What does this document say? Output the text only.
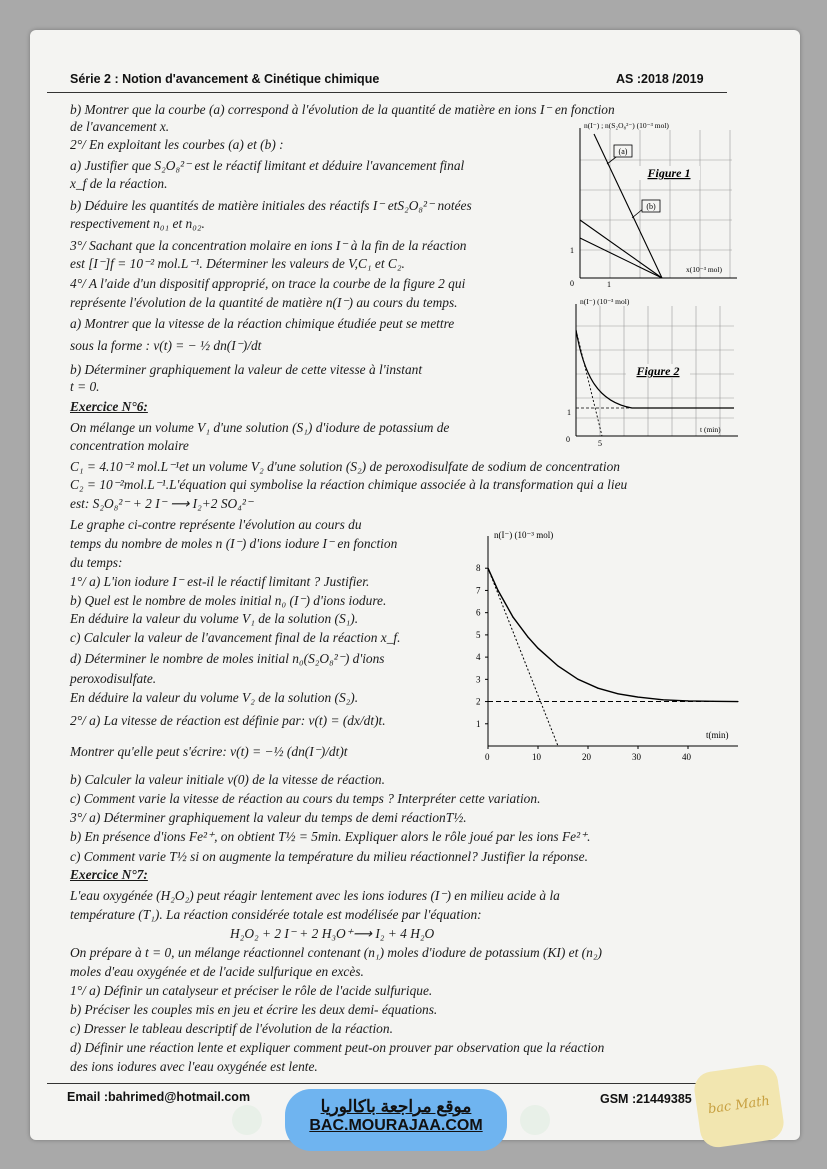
Série 2 : Notion d'avancement & Cinétique chimique	AS :2018 /2019
b) Montrer que la courbe (a) correspond à l'évolution de la quantité de matière en ions I⁻ en fonction
de l'avancement x.
2°/ En exploitant les courbes (a) et (b) :
a) Justifier que S₂O₈²⁻ est le réactif limitant et déduire l'avancement final
x_f de la réaction.
b) Déduire les quantités de matière initiales des réactifs I⁻ etS₂O₈²⁻ notées
respectivement n₀₁ et n₀₂.
3°/ Sachant que la concentration molaire en ions I⁻ à la fin de la réaction
est [I⁻]f = 10⁻² mol.L⁻¹. Déterminer les valeurs de V,C₁ et C₂.
4°/ A l'aide d'un dispositif approprié, on trace la courbe de la figure 2 qui
représente l'évolution de la quantité de matière n(I⁻) au cours du temps.
a) Montrer que la vitesse de la réaction chimique étudiée peut se mettre
sous la forme : v(t) = − ½ dn(I⁻)/dt
b) Déterminer graphiquement la valeur de cette vitesse à l'instant
t = 0.
Exercice N°6:
On mélange un volume V₁ d'une solution (S₁) d'iodure de potassium de
concentration molaire
C₁ = 4.10⁻² mol.L⁻¹et un volume V₂ d'une solution (S₂) de peroxodisulfate de sodium de concentration
C₂ = 10⁻²mol.L⁻¹.L'équation qui symbolise la réaction chimique associée à la transformation qui a lieu
est: S₂O₈²⁻ + 2 I⁻ ⟶ I₂+2 SO₄²⁻
Le graphe ci-contre représente l'évolution au cours du
temps du nombre de moles n (I⁻) d'ions iodure I⁻ en fonction
du temps:
1°/ a) L'ion iodure I⁻ est-il le réactif limitant ? Justifier.
b) Quel est le nombre de moles initial n₀ (I⁻) d'ions iodure.
En déduire la valeur du volume V₁ de la solution (S₁).
c) Calculer la valeur de l'avancement final de la réaction x_f.
d) Déterminer le nombre de moles initial n₀(S₂O₈²⁻) d'ions
peroxodisulfate.
En déduire la valeur du volume V₂ de la solution (S₂).
2°/ a) La vitesse de réaction est définie par: v(t) = (dx/dt)t.
Montrer qu'elle peut s'écrire: v(t) = −½ (dn(I⁻)/dt)t
b) Calculer la valeur initiale v(0) de la vitesse de réaction.
c) Comment varie la vitesse de réaction au cours du temps ? Interpréter cette variation.
3°/ a) Déterminer graphiquement la valeur du temps de demi réactionT½.
b) En présence d'ions Fe²⁺, on obtient T½ = 5min. Expliquer alors le rôle joué par les ions Fe²⁺.
c) Comment varie T½ si on augmente la température du milieu réactionnel? Justifier la réponse.
Exercice N°7:
L'eau oxygénée (H₂O₂) peut réagir lentement avec les ions iodures (I⁻) en milieu acide à la
température (T₁). La réaction considérée totale est modélisée par l'équation:
H₂O₂ + 2 I⁻ + 2 H₃O⁺⟶ I₂ + 4 H₂O
On prépare à t = 0, un mélange réactionnel contenant (n₁) moles d'iodure de potassium (KI) et (n₂)
moles d'eau oxygénée et de l'acide sulfurique en excès.
1°/ a) Définir un catalyseur et préciser le rôle de l'acide sulfurique.
b) Préciser les couples mis en jeu et écrire les deux demi- équations.
c) Dresser le tableau descriptif de l'évolution de la réaction.
d) Définir une réaction lente et expliquer comment peut-on prouver par observation que la réaction
des ions iodures avec l'eau oxygénée est lente.
(a)
(b)
Figure 1
n(I⁻) ; n(S₂O₈²⁻) (10⁻³ mol)
x(10⁻³ mol)
1
1
0
Figure 2
n(I⁻) (10⁻³ mol)
t (min)
1
5
0
n(I⁻) (10⁻³ mol)
t(min)
1
2
3
4
5
6
7
8
0	10	20	30	40
Email :bahrimed@hotmail.com	GSM :21449385
موقع مراجعة باكالوريا
BAC.MOURAJAA.COM
bac Math
